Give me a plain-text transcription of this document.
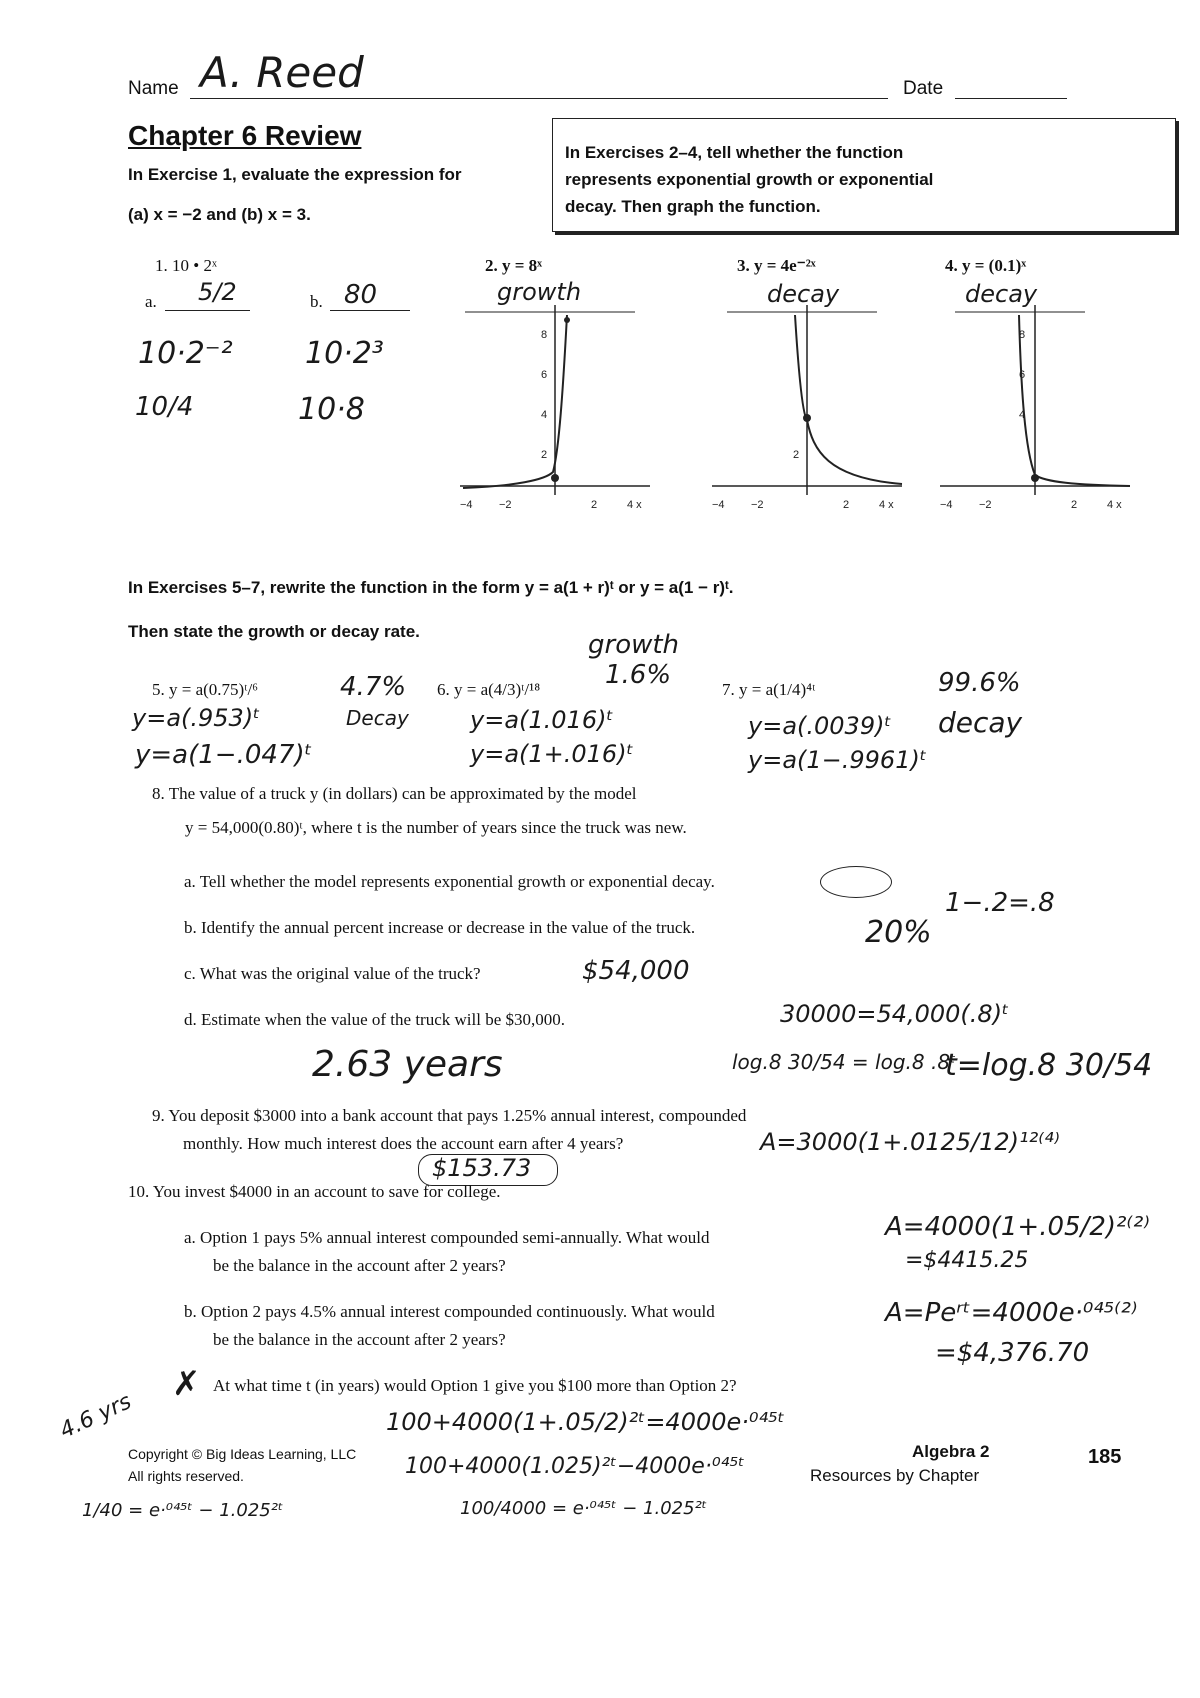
Name A. Reed	Date
Chapter 6 Review
In Exercise 1, evaluate the expression for
(a) x = −2 and (b) x = 3.
In Exercises 2–4, tell whether the function
represents exponential growth or exponential
decay. Then graph the function.
1. 10 • 2ˣ
a. 5/2	b. 80
10·2⁻²
10/4
10·2³
10·8
2. y = 8ˣ
growth
8
6
4
2
−4 −2	2	4 x
3. y = 4e⁻²ˣ
decay
2
−4 −2	2	4 x
4. y = (0.1)ˣ
decay
8
6
4
−4 −2	2	4 x
In Exercises 5–7, rewrite the function in the form y = a(1 + r)ᵗ or y = a(1 − r)ᵗ.
Then state the growth or decay rate.
5. y = a(0.75)ᵗ/⁶	4.7%
Decay
y=a(.953)ᵗ
y=a(1−.047)ᵗ
6. y = a(4/3)ᵗ/¹⁸
growth
1.6%
y=a(1.016)ᵗ
y=a(1+.016)ᵗ
7. y = a(1/4)⁴ᵗ	99.6%
decay
y=a(.0039)ᵗ
y=a(1−.9961)ᵗ
8. The value of a truck y (in dollars) can be approximated by the model
y = 54,000(0.80)ᵗ, where t is the number of years since the truck was new.
a. Tell whether the model represents exponential growth or exponential decay.
b. Identify the annual percent increase or decrease in the value of the truck.	20%
1−.2=.8
c. What was the original value of the truck?	$54,000
d. Estimate when the value of the truck will be $30,000.	30000=54,000(.8)ᵗ
log.8 30/54 = log.8 .8ᵗ
t=log.8 30/54
2.63 years
9. You deposit $3000 into a bank account that pays 1.25% annual interest, compounded
monthly. How much interest does the account earn after 4 years?	A=3000(1+.0125/12)¹²⁽⁴⁾
$153.73
10. You invest $4000 in an account to save for college.
a. Option 1 pays 5% annual interest compounded semi-annually. What would
be the balance in the account after 2 years?
A=4000(1+.05/2)²⁽²⁾
=$4415.25
b. Option 2 pays 4.5% annual interest compounded continuously. What would
be the balance in the account after 2 years?
A=Peʳᵗ=4000e·⁰⁴⁵⁽²⁾
=$4,376.70
✗ At what time t (in years) would Option 1 give you $100 more than Option 2?
4.6 yrs	100+4000(1+.05/2)²ᵗ=4000e·⁰⁴⁵ᵗ
100+4000(1.025)²ᵗ−4000e·⁰⁴⁵ᵗ
100/4000 = e·⁰⁴⁵ᵗ − 1.025²ᵗ
1/40 = e·⁰⁴⁵ᵗ − 1.025²ᵗ
Copyright © Big Ideas Learning, LLC
All rights reserved.
Algebra 2
Resources by Chapter
185
